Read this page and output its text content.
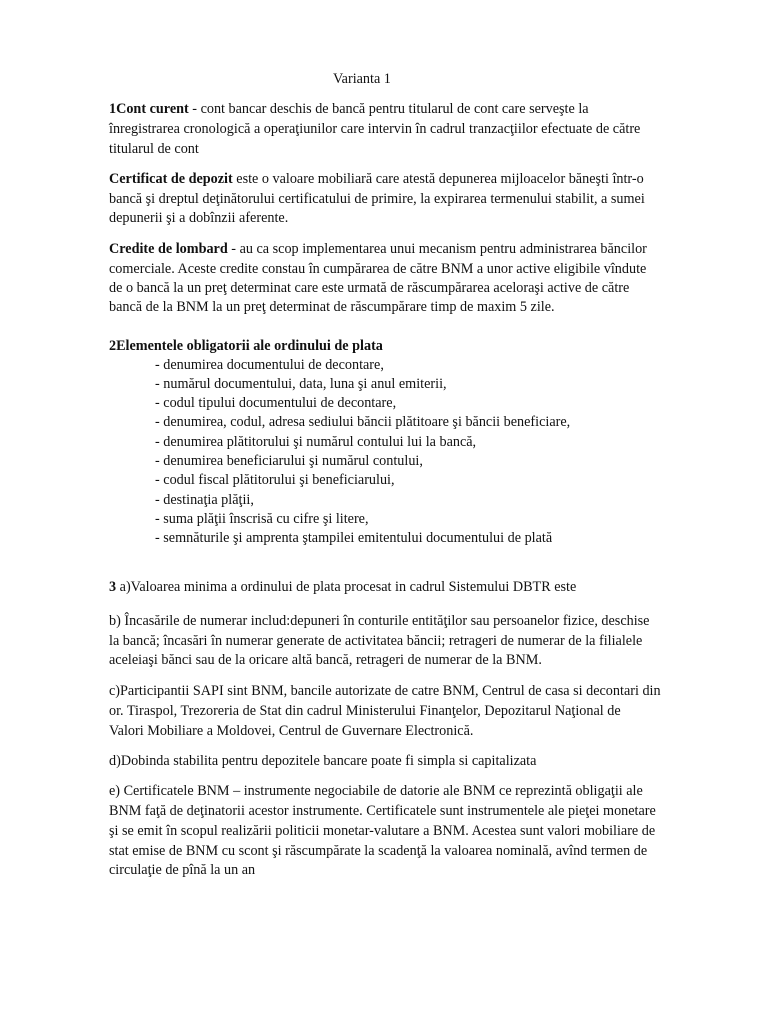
Varianta 1
1Cont curent - cont bancar deschis de bancă pentru titularul de cont care serveşte la
înregistrarea cronologică a operaţiunilor care intervin în cadrul tranzacţiilor efectuate de către
titularul de cont
Certificat de depozit este o valoare mobiliară care atestă depunerea mijloacelor băneşti într-o
bancă şi dreptul deţinătorului certificatului de primire, la expirarea termenului stabilit, a sumei
depunerii şi a dobînzii aferente.
Credite de lombard - au ca scop implementarea unui mecanism pentru administrarea băncilor
comerciale. Aceste credite constau în cumpărarea de către BNM a unor active eligibile vîndute
de o bancă la un preţ determinat care este urmată de răscumpărarea aceloraşi active de către
bancă de la BNM la un preţ determinat de răscumpărare timp de maxim 5 zile.
2Elementele obligatorii ale ordinului de plata
- denumirea documentului de decontare,
- numărul documentului, data, luna şi anul emiterii,
- codul tipului documentului de decontare,
- denumirea, codul, adresa sediului băncii plătitoare şi băncii beneficiare,
- denumirea plătitorului şi numărul contului lui la bancă,
- denumirea beneficiarului şi numărul contului,
- codul fiscal plătitorului şi beneficiarului,
- destinaţia plăţii,
- suma plăţii înscrisă cu cifre şi litere,
- semnăturile şi amprenta ştampilei emitentului documentului de plată
3 a)Valoarea minima a ordinului de plata procesat in cadrul Sistemului DBTR este
b) Încasările de numerar includ:depuneri în conturile entităţilor sau persoanelor fizice, deschise
la bancă; încasări în numerar generate de activitatea băncii; retrageri de numerar de la filialele
aceleiaşi bănci sau de la oricare altă bancă, retrageri de numerar de la BNM.
c)Participantii SAPI sint BNM, bancile autorizate de catre BNM, Centrul de casa si decontari din
or. Tiraspol, Trezoreria de Stat din cadrul Ministerului Finanţelor, Depozitarul Naţional de
Valori Mobiliare a Moldovei, Centrul de Guvernare Electronică.
d)Dobinda stabilita pentru depozitele bancare poate fi simpla si capitalizata
e) Certificatele BNM – instrumente negociabile de datorie ale BNM ce reprezintă obligaţii ale
BNM faţă de deţinatorii acestor instrumente. Certificatele sunt instrumentele ale pieţei monetare
şi se emit în scopul realizării politicii monetar-valutare a BNM. Acestea sunt valori mobiliare de
stat emise de BNM cu scont şi răscumpărate la scadenţă la valoarea nominală, avînd termen de
circulaţie de pînă la un an
